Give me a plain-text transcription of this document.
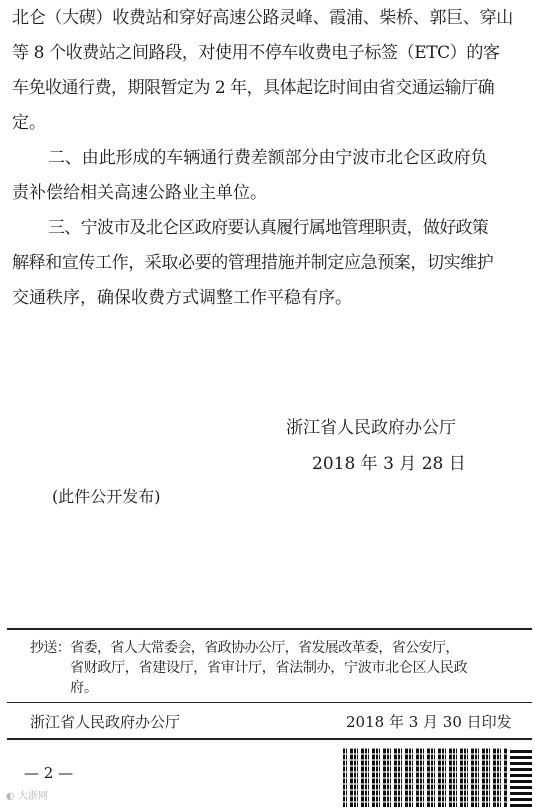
北仑（大碶）收费站和穿好高速公路灵峰、霞浦、柴桥、郭巨、穿山
等 8 个收费站之间路段，对使用不停车收费电子标签（ETC）的客
车免收通行费，期限暂定为 2 年，具体起讫时间由省交通运输厅确
定。
二、由此形成的车辆通行费差额部分由宁波市北仑区政府负
责补偿给相关高速公路业主单位。
三、宁波市及北仑区政府要认真履行属地管理职责，做好政策
解释和宣传工作，采取必要的管理措施并制定应急预案，切实维护
交通秩序，确保收费方式调整工作平稳有序。
浙江省人民政府办公厅
2018 年 3 月 28 日
(此件公开发布)
抄送：省委，省人大常委会，省政协办公厅，省发展改革委，省公安厅，
省财政厅，省建设厅，省审计厅，省法制办，宁波市北仑区人民政
府。
浙江省人民政府办公厅	2018 年 3 月 30 日印发
— 2 —
◐ 大浙网
